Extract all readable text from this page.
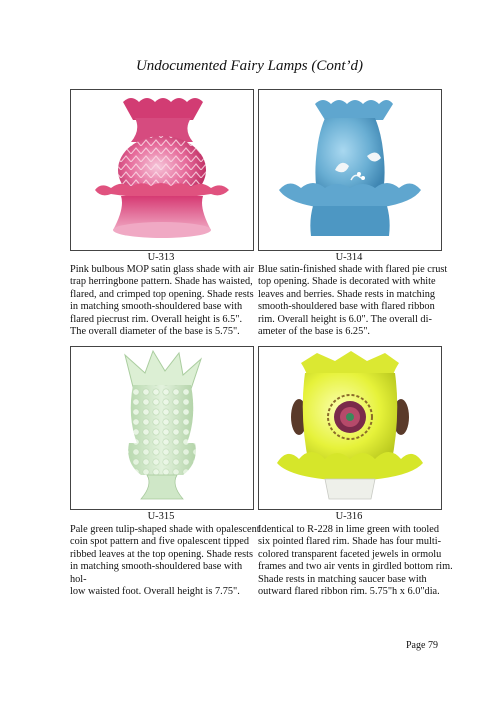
Undocumented Fairy Lamps (Cont’d)
U-313

Pink bulbous MOP satin glass shade with air
trap herringbone pattern. Shade has waisted,
flared, and crimped top opening. Shade rests
in matching smooth-shouldered base with
flared piecrust rim. Overall height is 6.5".
The overall diameter of the base is 5.75".

U-314

Blue satin-finished shade with flared pie crust
top opening. Shade is decorated with white
leaves and berries. Shade rests in matching
smooth-shouldered base with flared ribbon
rim. Overall height is 6.0". The overall di-
ameter of the base is 6.25".

U-315

Pale green tulip-shaped shade with opalescent
coin spot pattern and five opalescent tipped
ribbed leaves at the top opening. Shade rests
in matching smooth-shouldered base with hol-
low waisted foot. Overall height is 7.75".

U-316

Identical to R-228 in lime green with tooled
six pointed flared rim. Shade has four multi-
colored transparent faceted jewels in ormolu
frames and two air vents in girdled bottom rim.
Shade rests in matching saucer base with
outward flared ribbon rim. 5.75"h x 6.0"dia.

Page 79
